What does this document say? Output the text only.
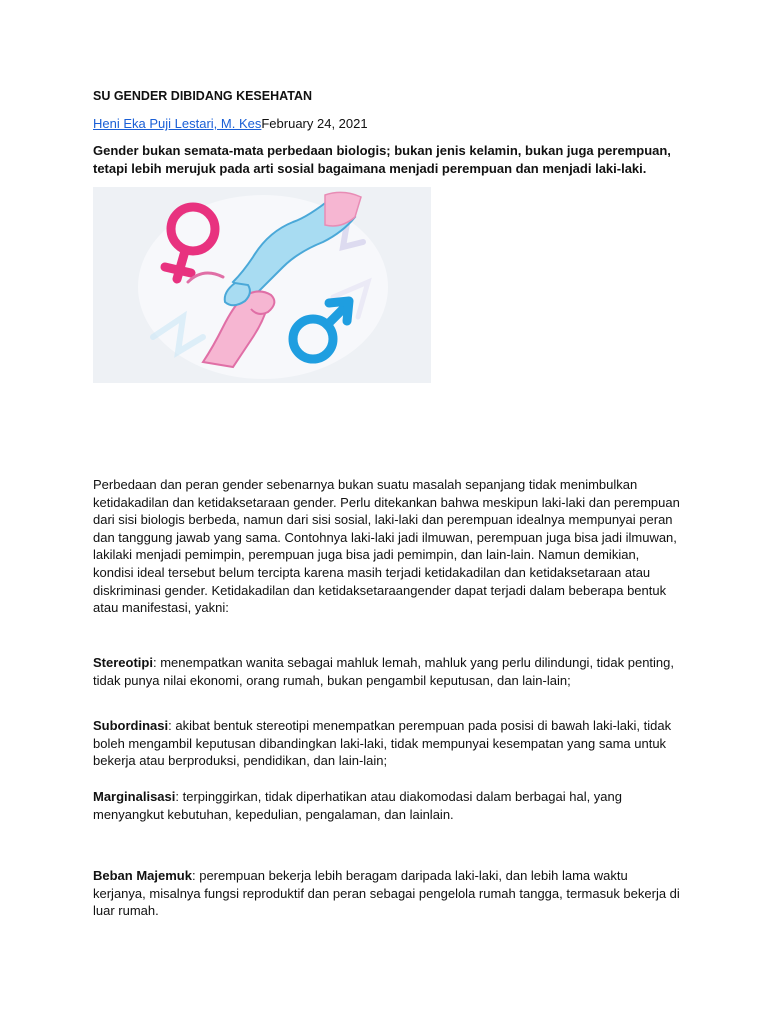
SU GENDER DIBIDANG KESEHATAN
Heni Eka Puji Lestari, M. KesFebruary 24, 2021
Gender bukan semata-mata perbedaan biologis; bukan jenis kelamin, bukan juga perempuan, tetapi lebih merujuk pada arti sosial bagaimana menjadi perempuan dan menjadi laki-laki.

Perbedaan dan peran gender sebenarnya bukan suatu masalah sepanjang tidak menimbulkan ketidakadilan dan ketidaksetaraan gender. Perlu ditekankan bahwa meskipun laki-laki dan perempuan dari sisi biologis berbeda, namun dari sisi sosial, laki-laki dan perempuan idealnya mempunyai peran dan tanggung jawab yang sama. Contohnya laki-laki jadi ilmuwan, perempuan juga bisa jadi ilmuwan, lakilaki menjadi pemimpin, perempuan juga bisa jadi pemimpin, dan lain-lain. Namun demikian, kondisi ideal tersebut belum tercipta karena masih terjadi ketidakadilan dan ketidaksetaraan atau diskriminasi gender. Ketidakadilan dan ketidaksetaraangender dapat terjadi dalam beberapa bentuk atau manifestasi, yakni:

Stereotipi: menempatkan wanita sebagai mahluk lemah, mahluk yang perlu dilindungi, tidak penting, tidak punya nilai ekonomi, orang rumah, bukan pengambil keputusan, dan lain-lain;

Subordinasi: akibat bentuk stereotipi menempatkan perempuan pada posisi di bawah laki-laki, tidak boleh mengambil keputusan dibandingkan laki-laki, tidak mempunyai kesempatan yang sama untuk bekerja atau berproduksi, pendidikan, dan lain-lain;

Marginalisasi: terpinggirkan, tidak diperhatikan atau diakomodasi dalam berbagai hal, yang menyangkut kebutuhan, kepedulian, pengalaman, dan lainlain.

Beban Majemuk: perempuan bekerja lebih beragam daripada laki-laki, dan lebih lama waktu kerjanya, misalnya fungsi reproduktif dan peran sebagai pengelola rumah tangga, termasuk bekerja di luar rumah.
